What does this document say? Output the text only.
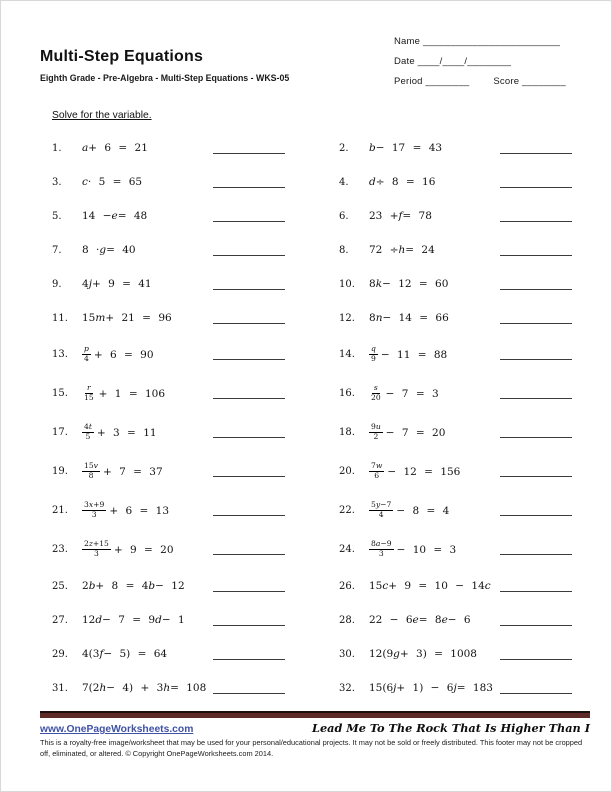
Multi-Step Equations
Eighth Grade - Pre-Algebra - Multi-Step Equations - WKS-05
Name _________________________
Date ____/____/________
Period ________	Score ________
Solve for the variable.
1.	a + 6 = 21	2.	b − 17 = 43
3.	c · 5 = 65	4.	d ÷ 8 = 16
5.	14 − e = 48	6.	23 + f = 78
7.	8 · g = 40	8.	72 ÷ h = 24
9.	4 j + 9 = 41	10.	8 k − 12 = 60
11.	15 m + 21 = 96	12.	8 n − 14 = 66
13.	$\frac{p}{4} + 6 = 90$	14.	$\frac{q}{9} - 11 = 88$
15.	$\frac{r}{15} + 1 = 106$	16.	$\frac{s}{20} - 7 = 3$
17.	$\frac{4t}{5} + 3 = 11$	18.	$\frac{9u}{2} - 7 = 20$
19.	$\frac{15v}{8} + 7 = 37$	20.	$\frac{7w}{6} - 12 = 156$
21.	$\frac{3x+9}{3} + 6 = 13$	22.	$\frac{5y-7}{4} - 8 = 4$
23.	$\frac{2z+15}{3} + 9 = 20$	24.	$\frac{8a-9}{3} - 10 = 3$
25.	2 b + 8 = 4 b − 12	26.	15 c + 9 = 10 − 14 c
27.	12 d − 7 = 9 d − 1	28.	22 − 6 e = 8 e − 6
29.	4(3 f − 5) = 64	30.	12(9 g + 3) = 1008
31.	7(2 h − 4) + 3 h = 108	32.	15(6 j + 1) − 6 j = 183
www.OnePageWorksheets.com	Lead Me To The Rock That Is Higher Than I
This is a royalty-free image/worksheet that may be used for your personal/educational projects. It may not be sold or freely distributed. This footer may not be cropped off, eliminated, or altered. © Copyright OnePageWorksheets.com 2014.
